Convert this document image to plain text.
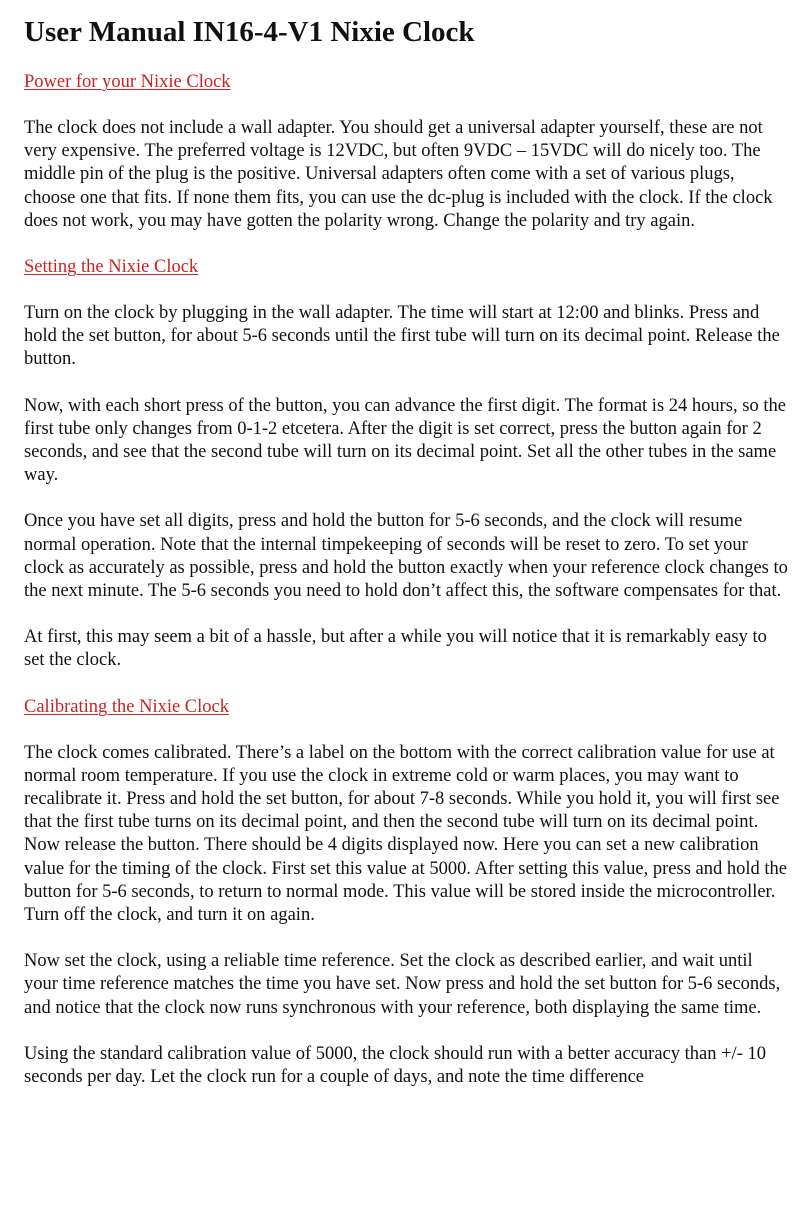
User Manual IN16-4-V1 Nixie Clock
Power for your Nixie Clock

The clock does not include a wall adapter. You should get a universal adapter yourself, these are not very expensive. The preferred voltage is 12VDC, but often 9VDC – 15VDC will do nicely too. The middle pin of the plug is the positive. Universal adapters often come with a set of various plugs, choose one that fits. If none them fits, you can use the dc-plug is included with the clock. If the clock does not work, you may have gotten the polarity wrong. Change the polarity and try again.

Setting the Nixie Clock

Turn on the clock by plugging in the wall adapter. The time will start at 12:00 and blinks. Press and hold the set button, for about 5-6 seconds until the first tube will turn on its decimal point. Release the button.

Now, with each short press of the button, you can advance the first digit. The format is 24 hours, so the first tube only changes from 0-1-2 etcetera. After the digit is set correct, press the button again for 2 seconds, and see that the second tube will turn on its decimal point. Set all the other tubes in the same way.

Once you have set all digits, press and hold the button for 5-6 seconds, and the clock will resume normal operation. Note that the internal timpekeeping of seconds will be reset to zero. To set your clock as accurately as possible, press and hold the button exactly when your reference clock changes to the next minute. The 5-6 seconds you need to hold don’t affect this, the software compensates for that.

At first, this may seem a bit of a hassle, but after a while you will notice that it is remarkably easy to set the clock.

Calibrating the Nixie Clock

The clock comes calibrated. There’s a label on the bottom with the correct calibration value for use at normal room temperature. If you use the clock in extreme cold or warm places, you may want to recalibrate it. Press and hold the set button, for about 7-8 seconds. While you hold it, you will first see that the first tube turns on its decimal point, and then the second tube will turn on its decimal point. Now release the button. There should be 4 digits displayed now. Here you can set a new calibration value for the timing of the clock. First set this value at 5000. After setting this value, press and hold the button for 5-6 seconds, to return to normal mode. This value will be stored inside the microcontroller. Turn off the clock, and turn it on again.

Now set the clock, using a reliable time reference. Set the clock as described earlier, and wait until your time reference matches the time you have set. Now press and hold the set button for 5-6 seconds, and notice that the clock now runs synchronous with your reference, both displaying the same time.

Using the standard calibration value of 5000, the clock should run with a better accuracy than +/- 10 seconds per day. Let the clock run for a couple of days, and note the time difference
